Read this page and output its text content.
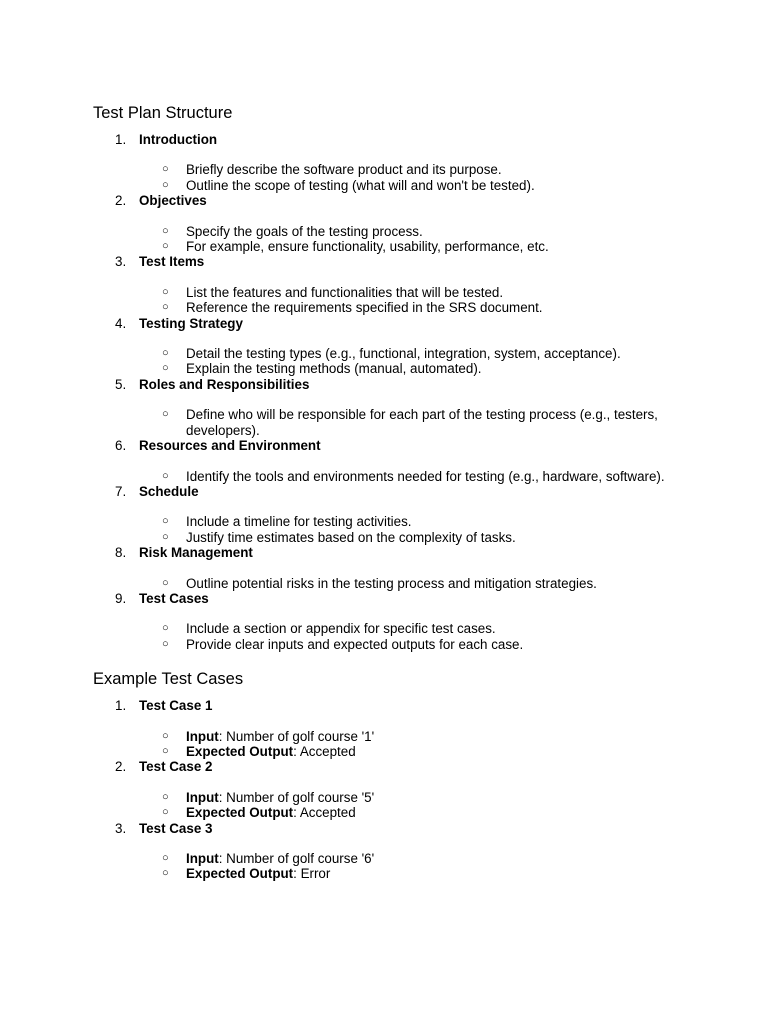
Test Plan Structure
1. Introduction
○ Briefly describe the software product and its purpose.
○ Outline the scope of testing (what will and won't be tested).
2. Objectives
○ Specify the goals of the testing process.
○ For example, ensure functionality, usability, performance, etc.
3. Test Items
○ List the features and functionalities that will be tested.
○ Reference the requirements specified in the SRS document.
4. Testing Strategy
○ Detail the testing types (e.g., functional, integration, system, acceptance).
○ Explain the testing methods (manual, automated).
5. Roles and Responsibilities
○ Define who will be responsible for each part of the testing process (e.g., testers, developers).
6. Resources and Environment
○ Identify the tools and environments needed for testing (e.g., hardware, software).
7. Schedule
○ Include a timeline for testing activities.
○ Justify time estimates based on the complexity of tasks.
8. Risk Management
○ Outline potential risks in the testing process and mitigation strategies.
9. Test Cases
○ Include a section or appendix for specific test cases.
○ Provide clear inputs and expected outputs for each case.
Example Test Cases
1. Test Case 1
○ Input: Number of golf course '1'
○ Expected Output: Accepted
2. Test Case 2
○ Input: Number of golf course '5'
○ Expected Output: Accepted
3. Test Case 3
○ Input: Number of golf course '6'
○ Expected Output: Error
